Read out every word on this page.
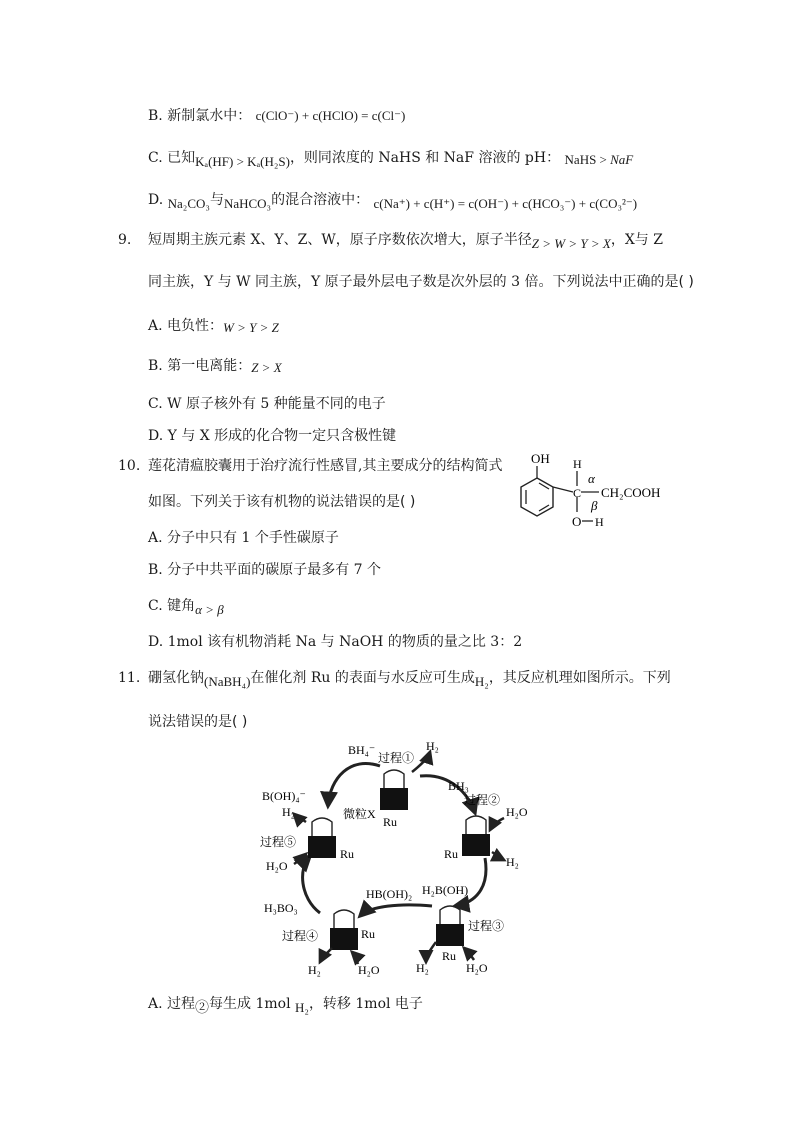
B. 新制氯水中： c(ClO⁻) + c(HClO) = c(Cl⁻)
C. 已知Kₐ(HF) > Kₐ(H₂S)，则同浓度的 NaHS 和 NaF 溶液的 pH： NaHS > NaF
D. Na₂CO₃与NaHCO₃的混合溶液中： c(Na⁺) + c(H⁺) = c(OH⁻) + c(HCO₃⁻) + c(CO₃²⁻)
9. 短周期主族元素 X、Y、Z、W，原子序数依次增大，原子半径Z > W > Y > X，X与 Z
同主族，Y 与 W 同主族，Y 原子最外层电子数是次外层的 3 倍。下列说法中正确的是( )
A. 电负性：W > Y > Z
B. 第一电离能：Z > X
C. W 原子核外有 5 种能量不同的电子
D. Y 与 X 形成的化合物一定只含极性键
10. 莲花清瘟胶囊用于治疗流行性感冒,其主要成分的结构简式
如图。下列关于该有机物的说法错误的是( )
OH
C
H
α
CH₂COOH
β
O H
A. 分子中只有 1 个手性碳原子
B. 分子中共平面的碳原子最多有 7 个
C. 键角α > β
D. 1mol 该有机物消耗 Na 与 NaOH 的物质的量之比 3：2
11. 硼氢化钠(NaBH₄)在催化剂 Ru 的表面与水反应可生成H₂，其反应机理如图所示。下列
说法错误的是( )
Ru
BH₄⁻
过程①
H₂
微粒X
Ru
BH₃
过程②
H₂O
H₂
Ru
B(OH)₄⁻
H₂
过程⑤
H₂O
Ru
H₃BO₃
HB(OH)₂
过程④
H₂	H₂O
Ru
H₂B(OH)
过程③
H₂	H₂O
A. 过程②每生成 1mol H₂，转移 1mol 电子
